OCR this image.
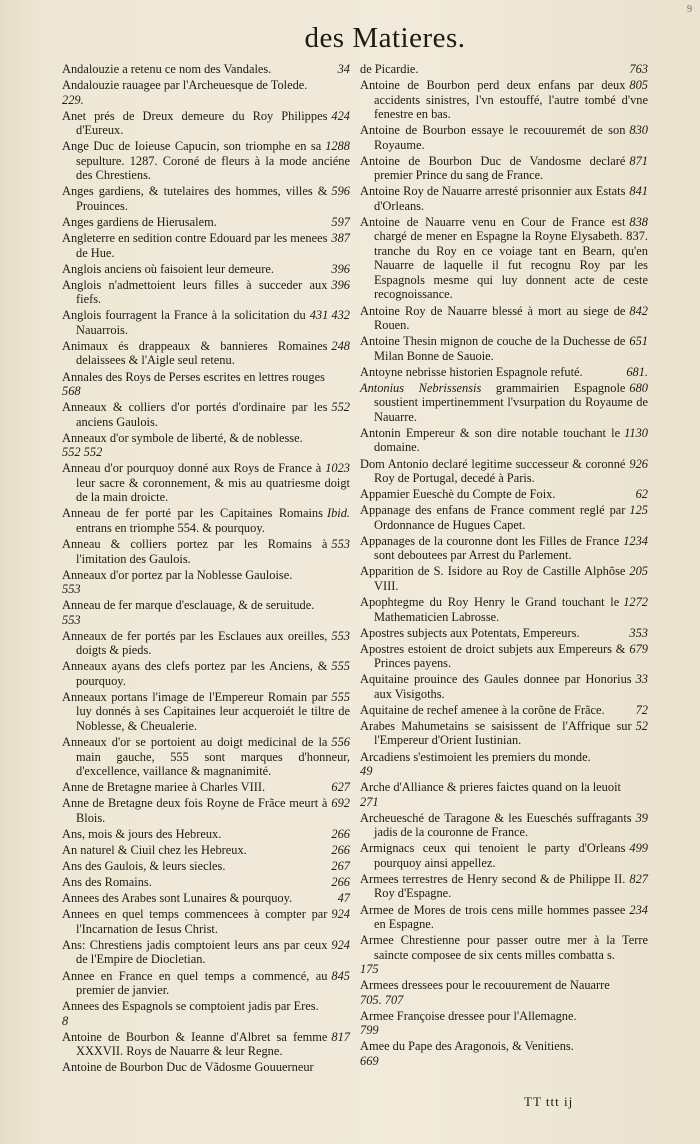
9
des Matieres.
34
Andalouzie a retenu ce nom des Vandales.
Andalouzie rauagee par l'Archeuesque de Tolede.
229.
424
Anet prés de Dreux demeure du Roy Philippes d'Eureux.
1288
Ange Duc de Ioieuse Capucin, son triomphe en sa sepulture. 1287. Coroné de fleurs à la mode anciéne des Chrestiens.
596
Anges gardiens, & tutelaires des hommes, villes & Prouinces.
597
Anges gardiens de Hierusalem.
387
Angleterre en sedition contre Edouard par les menees de Hue.
396
Anglois anciens où faisoient leur demeure.
396
Anglois n'admettoient leurs filles à succeder aux fiefs.
431 432
Anglois fourragent la France à la solicitation du Nauarrois.
248
Animaux és drappeaux & bannieres Romaines delaissees & l'Aigle seul retenu.
Annales des Roys de Perses escrites en lettres rouges
568
552
Anneaux & colliers d'or portés d'ordinaire par les anciens Gaulois.
Anneaux d'or symbole de liberté, & de noblesse.
552 552
1023
Anneau d'or pourquoy donné aux Roys de France à leur sacre & coronnement, & mis au quatriesme doigt de la main droicte.
Ibid.
Anneau de fer porté par les Capitaines Romains entrans en triomphe 554. & pourquoy.
553
Anneau & colliers portez par les Romains à l'imitation des Gaulois.
Anneaux d'or portez par la Noblesse Gauloise.
553
Anneau de fer marque d'esclauage, & de seruitude.
553
553
Anneaux de fer portés par les Esclaues aux oreilles, doigts & pieds.
555
Anneaux ayans des clefs portez par les Anciens, & pourquoy.
555
Anneaux portans l'image de l'Empereur Romain par luy donnés à ses Capitaines leur acqueroiét le tiltre de Noblesse, & Cheualerie.
556
Anneaux d'or se portoient au doigt medicinal de la main gauche, 555 sont marques d'honneur, d'excellence, vaillance & magnanimité.
627
Anne de Bretagne mariee à Charles VIII.
692
Anne de Bretagne deux fois Royne de Frãce meurt à Blois.
266
Ans, mois & jours des Hebreux.
266
An naturel & Ciuil chez les Hebreux.
267
Ans des Gaulois, & leurs siecles.
266
Ans des Romains.
47
Annees des Arabes sont Lunaires & pourquoy.
924
Annees en quel temps commencees à compter par l'Incarnation de Iesus Christ.
924
Ans: Chrestiens jadis comptoient leurs ans par ceux de l'Empire de Diocletian.
845
Annee en France en quel temps a commencé, au premier de janvier.
Annees des Espagnols se comptoient jadis par Eres.
8
817
Antoine de Bourbon & Ieanne d'Albret sa femme XXXVII. Roys de Nauarre & leur Regne.
Antoine de Bourbon Duc de Vãdosme Gouuerneur
763
de Picardie.
805
Antoine de Bourbon perd deux enfans par deux accidents sinistres, l'vn estouffé, l'autre tombé d'vne fenestre en bas.
830
Antoine de Bourbon essaye le recouuremét de son Royaume.
871
Antoine de Bourbon Duc de Vandosme declaré premier Prince du sang de France.
841
Antoine Roy de Nauarre arresté prisonnier aux Estats d'Orleans.
838
Antoine de Nauarre venu en Cour de France est chargé de mener en Espagne la Royne Elysabeth. 837. tranche du Roy en ce voiage tant en Bearn, qu'en Nauarre de laquelle il fut recognu Roy par les Espagnols mesme qui luy donnent acte de ceste recognoissance.
842
Antoine Roy de Nauarre blessé à mort au siege de Rouen.
651
Antoine Thesin mignon de couche de la Duchesse de Milan Bonne de Sauoie.
681.
Antoyne nebrisse historien Espagnole refuté.
680
Antonius Nebrissensis grammairien Espagnole soustient impertinemment l'vsurpation du Royaume de Nauarre.
1130
Antonin Empereur & son dire notable touchant le domaine.
926
Dom Antonio declaré legitime successeur & coronné Roy de Portugal, decedé à Paris.
62
Appamier Eueschè du Compte de Foix.
125
Appanage des enfans de France comment reglé par Ordonnance de Hugues Capet.
1234
Appanages de la couronne dont les Filles de France sont deboutees par Arrest du Parlement.
205
Apparition de S. Isidore au Roy de Castille Alphõse VIII.
1272
Apophtegme du Roy Henry le Grand touchant le Mathematicien Labrosse.
353
Apostres subjects aux Potentats, Empereurs.
679
Apostres estoient de droict subjets aux Empereurs & Princes payens.
33
Aquitaine prouince des Gaules donnee par Honorius aux Visigoths.
72
Aquitaine de rechef amenee à la corõne de Frãce.
52
Arabes Mahumetains se saisissent de l'Affrique sur l'Empereur d'Orient Iustinian.
Arcadiens s'estimoient les premiers du monde.
49
Arche d'Alliance & prieres faictes quand on la leuoit
271
39
Archeuesché de Taragone & les Eueschés suffragants jadis de la couronne de France.
499
Armignacs ceux qui tenoient le party d'Orleans pourquoy ainsi appellez.
827
Armees terrestres de Henry second & de Philippe II. Roy d'Espagne.
234
Armee de Mores de trois cens mille hommes passee en Espagne.
Armee Chrestienne pour passer outre mer à la Terre saincte composee de six cents milles combatta s.
175
Armees dressees pour le recouurement de Nauarre
705. 707
Armee Françoise dressee pour l'Allemagne.
799
Amee du Pape des Aragonois, & Venitiens.
669
TT ttt ij
